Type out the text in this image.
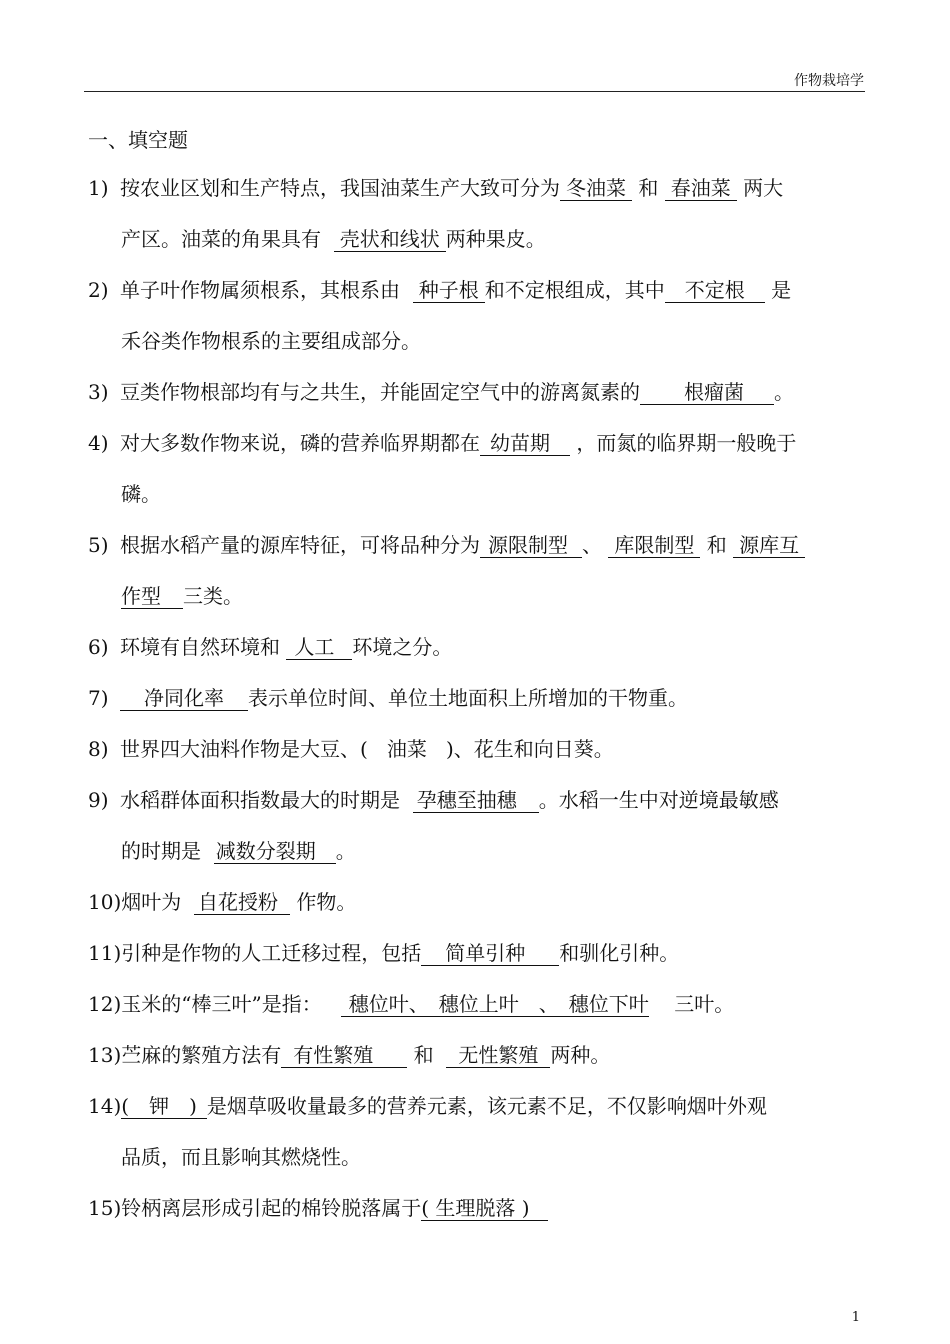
作物栽培学
一、填空题
1) 按农业区划和生产特点，我国油菜生产大致可分为 冬油菜 和 春油菜 两大
产区。油菜的角果具有 壳状和线状 两种果皮。
2) 单子叶作物属须根系，其根系由 种子根 和不定根组成，其中 不定根 是
禾谷类作物根系的主要组成部分。
3) 豆类作物根部均有与之共生，并能固定空气中的游离氮素的 根瘤菌 。
4) 对大多数作物来说，磷的营养临界期都在 幼苗期 ，而氮的临界期一般晚于
磷。
5) 根据水稻产量的源库特征，可将品种分为 源限制型 、 库限制型 和 源库互
作型 三类。
6) 环境有自然环境和 人工 环境之分。
7) 净同化率 表示单位时间、单位土地面积上所增加的干物重。
8) 世界四大油料作物是大豆、( 油菜 )、花生和向日葵。
9) 水稻群体面积指数最大的时期是 孕穗至抽穗 。水稻一生中对逆境最敏感
的时期是 减数分裂期 。
10)烟叶为 自花授粉 作物。
11)引种是作物的人工迁移过程，包括 简单引种 和驯化引种。
12)玉米的“棒三叶”是指： 穗位叶、　穗位上叶　、　穗位下叶 三叶。
13)苎麻的繁殖方法有 有性繁殖 和 无性繁殖 两种。
14)(　钾　) 是烟草吸收量最多的营养元素，该元素不足，不仅影响烟叶外观
品质，而且影响其燃烧性。
15)铃柄离层形成引起的棉铃脱落属于( 生理脱落 )
1
